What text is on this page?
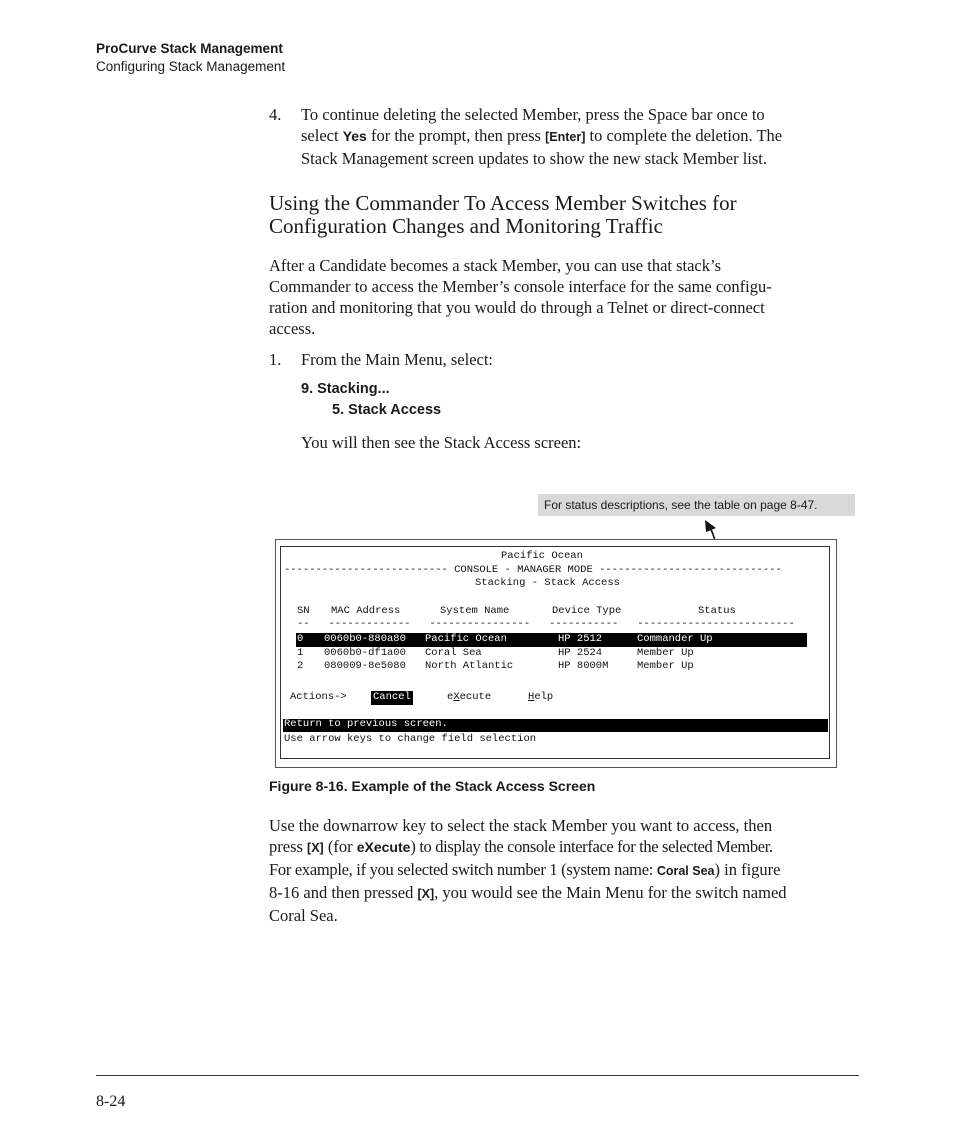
ProCurve Stack Management
Configuring Stack Management
4. To continue deleting the selected Member, press the Space bar once to
select Yes for the prompt, then press [Enter] to complete the deletion. The
Stack Management screen updates to show the new stack Member list.
Using the Commander To Access Member Switches for
Configuration Changes and Monitoring Traffic
After a Candidate becomes a stack Member, you can use that stack’s
Commander to access the Member’s console interface for the same configu-
ration and monitoring that you would do through a Telnet or direct-connect
access.
1. From the Main Menu, select:
9. Stacking...
5. Stack Access
You will then see the Stack Access screen:
For status descriptions, see the table on page 8-47.
Pacific Ocean
-------------------------- CONSOLE - MANAGER MODE -----------------------------
Stacking - Stack Access
SN MAC Address	System Name	Device Type	Status
--   -------------   ----------------   -----------   -------------------------
0 0060b0-880a80 Pacific Ocean	HP 2512	Commander Up
1 0060b0-df1a00 Coral Sea	HP 2524	Member Up
2 080009-8e5080 North Atlantic	HP 8000M	Member Up
Actions->	Cancel	eXecute	Help
Return to previous screen.
Use arrow keys to change field selection
Figure 8-16. Example of the Stack Access Screen
Use the downarrow key to select the stack Member you want to access, then
press [X] (for eXecute) to display the console interface for the selected Member.
For example, if you selected switch number 1 (system name: Coral Sea) in figure
8-16 and then pressed [X], you would see the Main Menu for the switch named
Coral Sea.
8-24
